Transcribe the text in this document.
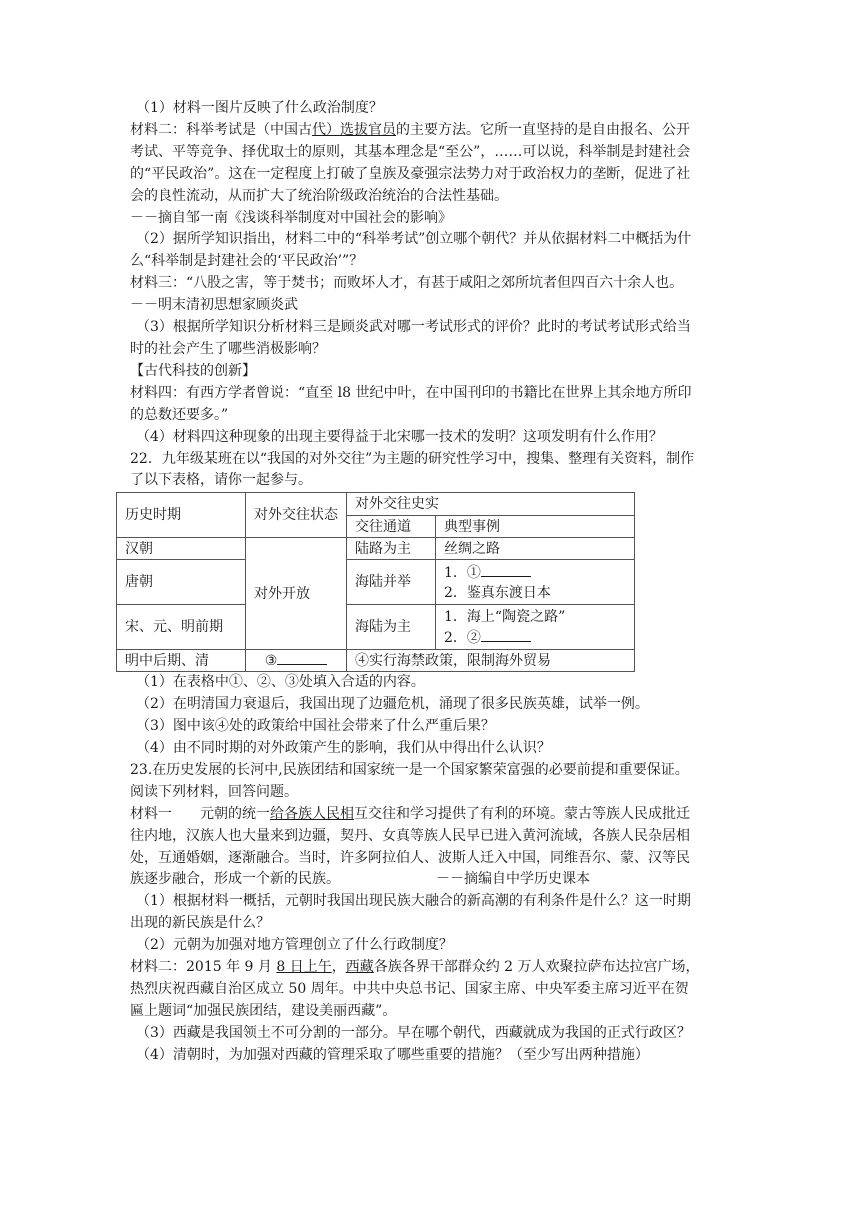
（1）材料一图片反映了什么政治制度？
材料二：科举考试是（中国古代）选拔官员的主要方法。它所一直坚持的是自由报名、公开
考试、平等竞争、择优取士的原则，其基本理念是“至公”，……可以说，科举制是封建社会
的“平民政治”。这在一定程度上打破了皇族及豪强宗法势力对于政治权力的垄断，促进了社
会的良性流动，从而扩大了统治阶级政治统治的合法性基础。
－－摘自邹一南《浅谈科举制度对中国社会的影响》
（2）据所学知识指出，材料二中的“科举考试”创立哪个朝代？并从依据材料二中概括为什
么“科举制是封建社会的‘平民政治’”？
材料三：“八股之害，等于焚书；而败坏人才，有甚于咸阳之郊所坑者但四百六十余人也。
－－明末清初思想家顾炎武
（3）根据所学知识分析材料三是顾炎武对哪一考试形式的评价？此时的考试考试形式给当
时的社会产生了哪些消极影响？
【古代科技的创新】
材料四：有西方学者曾说：“直至 l8 世纪中叶，在中国刊印的书籍比在世界上其余地方所印
的总数还要多。”
（4）材料四这种现象的出现主要得益于北宋哪一技术的发明？这项发明有什么作用？
22．九年级某班在以“我国的对外交往”为主题的研究性学习中，搜集、整理有关资料，制作
了以下表格，请你一起参与。
历史时期	对外交往状态	对外交往史实	
		交往通道	典型事例
汉朝	对外开放	陆路为主	丝绸之路
唐朝		海陆并举	1．①
2．鉴真东渡日本

宋、元、明前期		海陆为主	1．海上“陶瓷之路”
2．②

明中后期、清	③	④实行海禁政策，限制海外贸易	
（1）在表格中①、②、③处填入合适的内容。
（2）在明清国力衰退后，我国出现了边疆危机，涌现了很多民族英雄，试举一例。
（3）图中该④处的政策给中国社会带来了什么严重后果？
（4）由不同时期的对外政策产生的影响，我们从中得出什么认识？
23.在历史发展的长河中,民族团结和国家统一是一个国家繁荣富强的必要前提和重要保证。
阅读下列材料，回答问题。
材料一　　元朝的统一给各族人民相互交往和学习提供了有利的环境。蒙古等族人民成批迁
往内地，汉族人也大量来到边疆，契丹、女真等族人民早已进入黄河流域，各族人民杂居相
处，互通婚姻，逐渐融合。当时，许多阿拉伯人、波斯人迁入中国，同维吾尔、蒙、汉等民
族逐步融合，形成一个新的民族。	－－摘编自中学历史课本
（1）根据材料一概括，元朝时我国出现民族大融合的新高潮的有利条件是什么？这一时期
出现的新民族是什么？
（2）元朝为加强对地方管理创立了什么行政制度？
材料二：2015 年 9 月 8 日上午，西藏各族各界干部群众约 2 万人欢聚拉萨布达拉宫广场，
热烈庆祝西藏自治区成立 50 周年。中共中央总书记、国家主席、中央军委主席习近平在贺
匾上题词“加强民族团结，建设美丽西藏”。
（3）西藏是我国领土不可分割的一部分。早在哪个朝代，西藏就成为我国的正式行政区？
（4）清朝时，为加强对西藏的管理采取了哪些重要的措施？（至少写出两种措施）
